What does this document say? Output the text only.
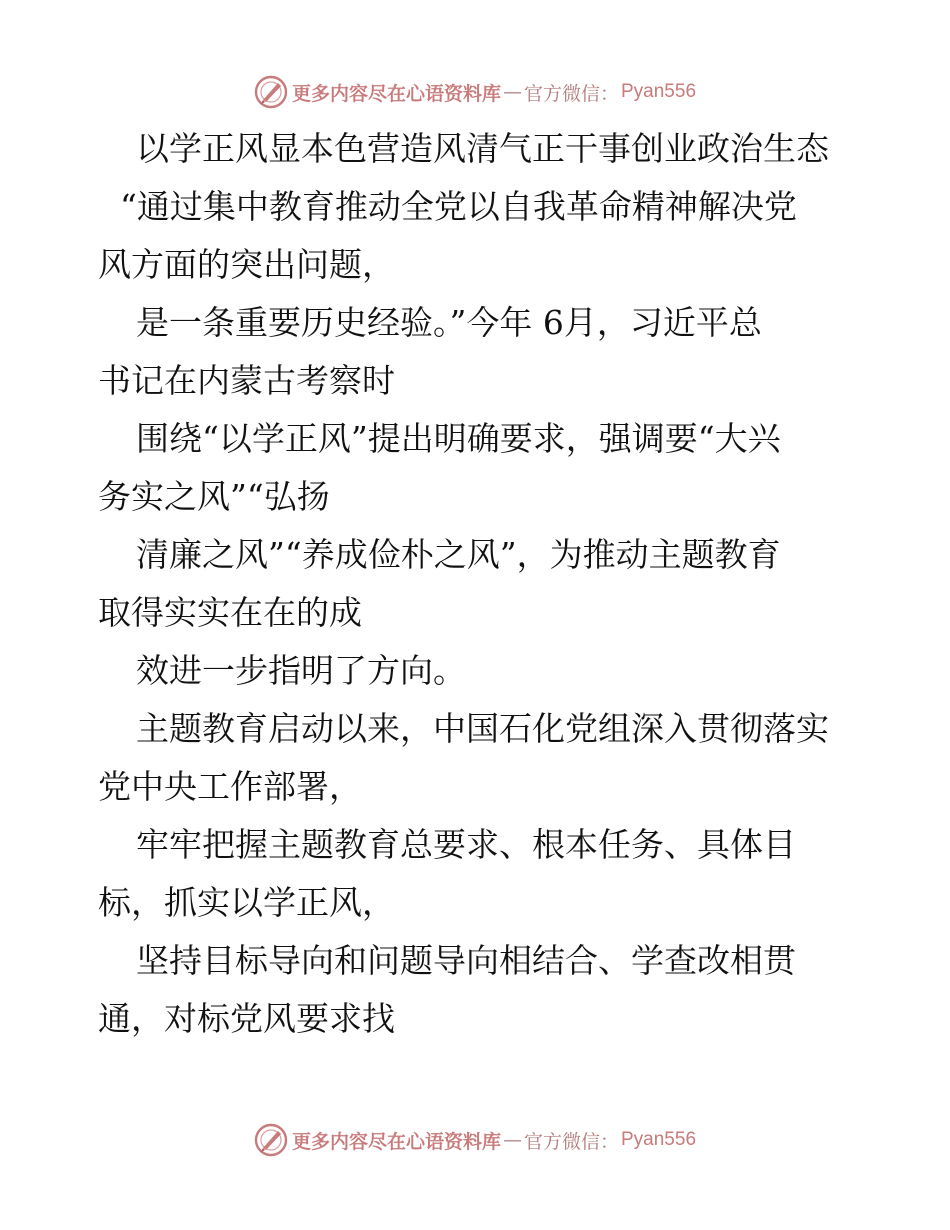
更多内容尽在心语资料库 — 官方微信： Pyan556
以学正风显本色营造风清气正干事创业政治生态
“通过集中教育推动全党以自我革命精神解决党
风方面的突出问题，
是一条重要历史经验。”今年 6月，习近平总
书记在内蒙古考察时
围绕“以学正风”提出明确要求，强调要“大兴
务实之风”“弘扬
清廉之风”“养成俭朴之风”，为推动主题教育
取得实实在在的成
效进一步指明了方向。
主题教育启动以来，中国石化党组深入贯彻落实
党中央工作部署，
牢牢把握主题教育总要求、根本任务、具体目
标，抓实以学正风，
坚持目标导向和问题导向相结合、学查改相贯
通，对标党风要求找
更多内容尽在心语资料库 — 官方微信： Pyan556
